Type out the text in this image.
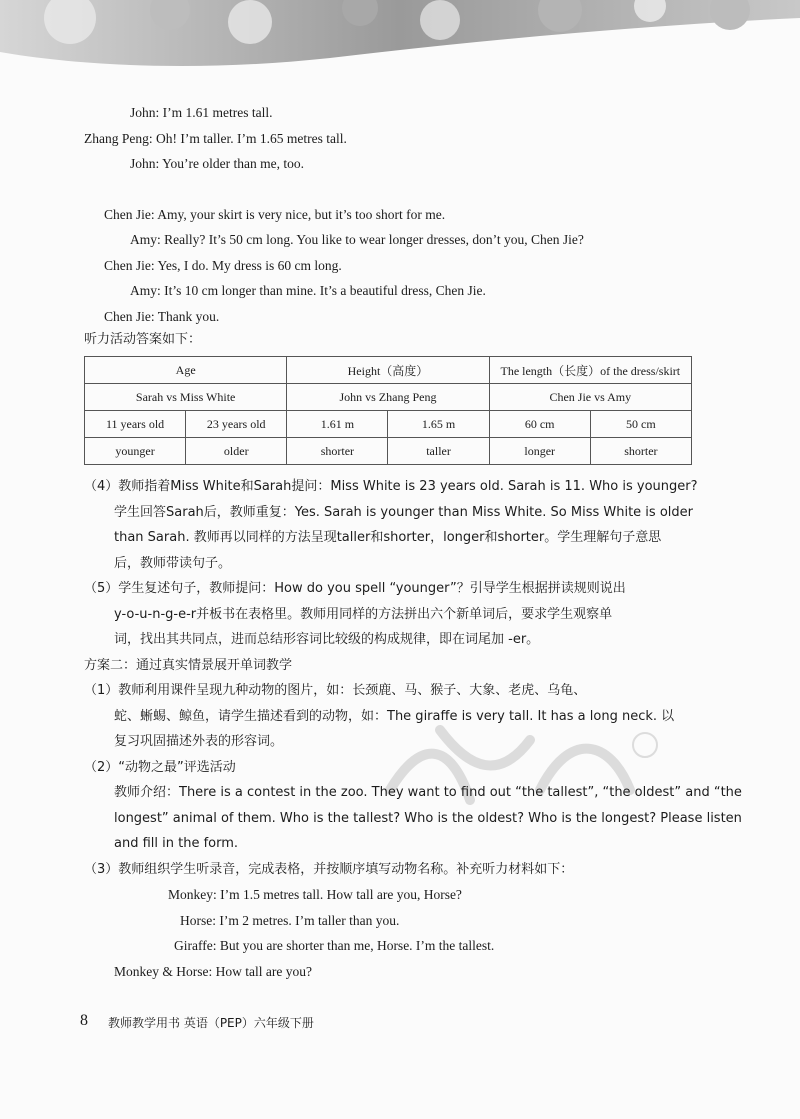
John: I’m 1.61 metres tall.
Zhang Peng: Oh! I’m taller. I’m 1.65 metres tall.
John: You’re older than me, too.
Chen Jie: Amy, your skirt is very nice, but it’s too short for me.
Amy: Really? It’s 50 cm long. You like to wear longer dresses, don’t you, Chen Jie?
Chen Jie: Yes, I do. My dress is 60 cm long.
Amy: It’s 10 cm longer than mine. It’s a beautiful dress, Chen Jie.
Chen Jie: Thank you.
听力活动答案如下：
Age		Height（高度）		The length（长度）of the dress/skirt	
Sarah vs Miss White		John vs Zhang Peng		Chen Jie vs Amy	
11 years old	23 years old	1.61 m	1.65 m	60 cm	50 cm
younger	older	shorter	taller	longer	shorter
（4）教师指着Miss White和Sarah提问：Miss White is 23 years old. Sarah is 11. Who is younger?
学生回答Sarah后，教师重复：Yes. Sarah is younger than Miss White. So Miss White is older
than Sarah. 教师再以同样的方法呈现taller和shorter，longer和shorter。学生理解句子意思
后，教师带读句子。
（5）学生复述句子，教师提问：How do you spell “younger”？引导学生根据拼读规则说出
y-o-u-n-g-e-r并板书在表格里。教师用同样的方法拼出六个新单词后，要求学生观察单
词，找出其共同点，进而总结形容词比较级的构成规律，即在词尾加 -er。
方案二：通过真实情景展开单词教学
（1）教师利用课件呈现九种动物的图片，如：长颈鹿、马、猴子、大象、老虎、乌龟、
蛇、蜥蜴、鲸鱼，请学生描述看到的动物，如：The giraffe is very tall. It has a long neck. 以
复习巩固描述外表的形容词。
（2）“动物之最”评选活动
教师介绍：There is a contest in the zoo. They want to find out “the tallest”, “the oldest” and “the
longest” animal of them. Who is the tallest? Who is the oldest? Who is the longest? Please listen
and fill in the form.
（3）教师组织学生听录音，完成表格，并按顺序填写动物名称。补充听力材料如下：
Monkey: I’m 1.5 metres tall. How tall are you, Horse?
Horse: I’m 2 metres. I’m taller than you.
Giraffe: But you are shorter than me, Horse. I’m the tallest.
Monkey & Horse: How tall are you?
8 教师教学用书 英语（PEP）六年级下册
